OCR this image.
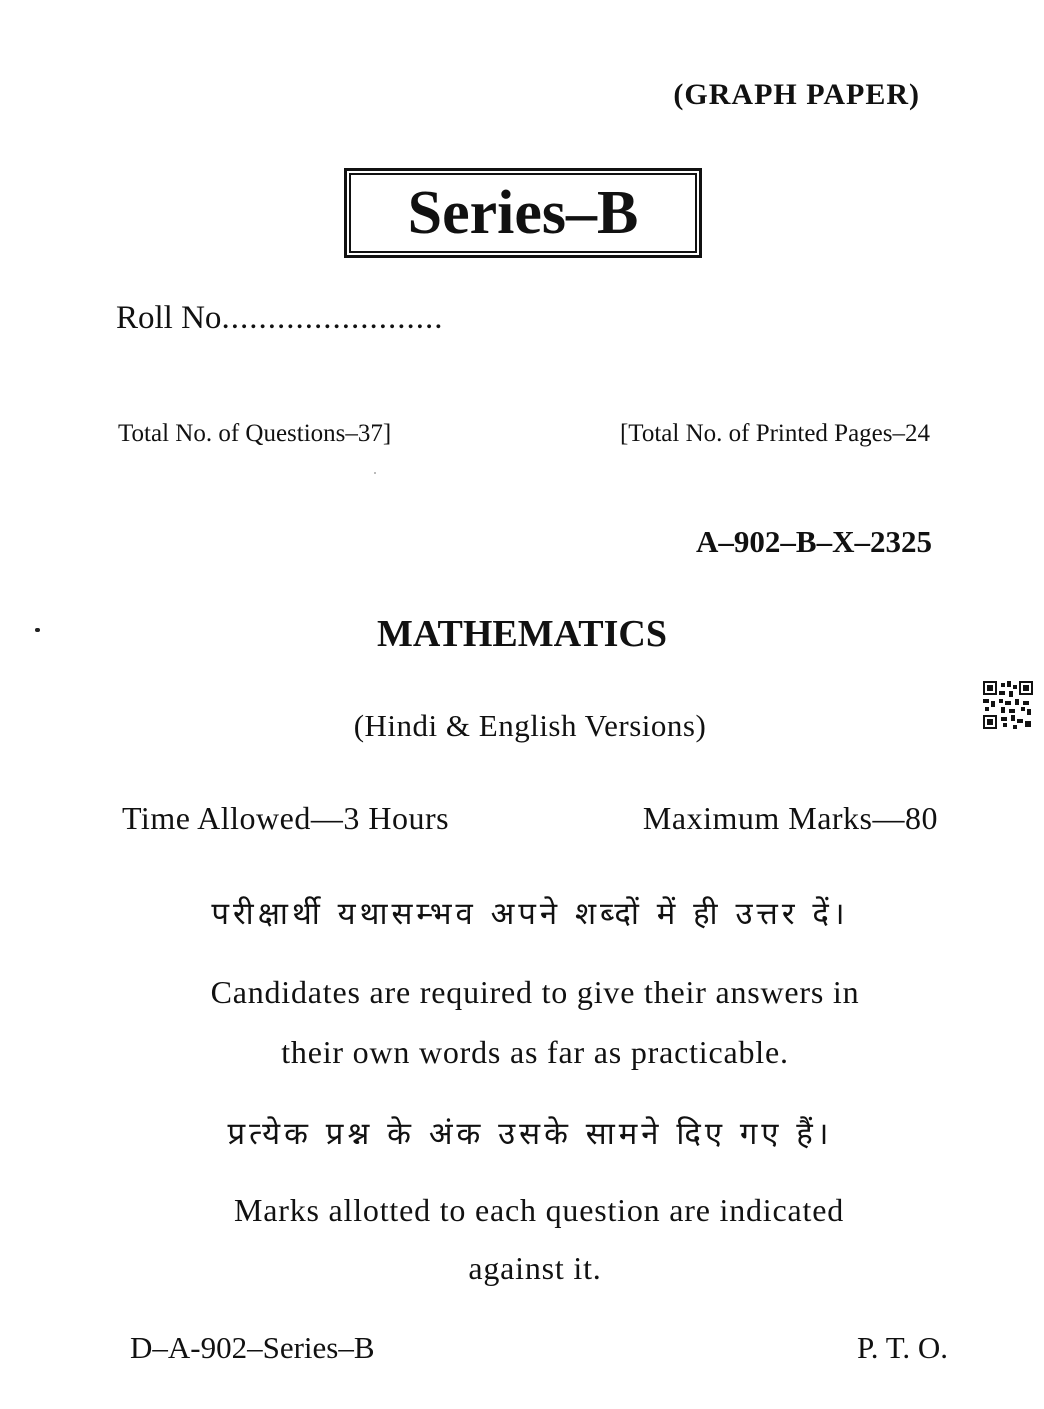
(GRAPH PAPER)
Series–B
Roll No........................
Total No. of Questions–37]	[Total No. of Printed Pages–24
A–902–B–X–2325
MATHEMATICS
(Hindi & English Versions)
Time Allowed—3 Hours	Maximum Marks—80
परीक्षार्थी यथासम्भव अपने शब्दों में ही उत्तर दें।
Candidates are required to give their answers in
their own words as far as practicable.
प्रत्येक प्रश्न के अंक उसके सामने दिए गए हैं।
Marks allotted to each question are indicated
against it.
D–A-902–Series–B	P. T. O.
